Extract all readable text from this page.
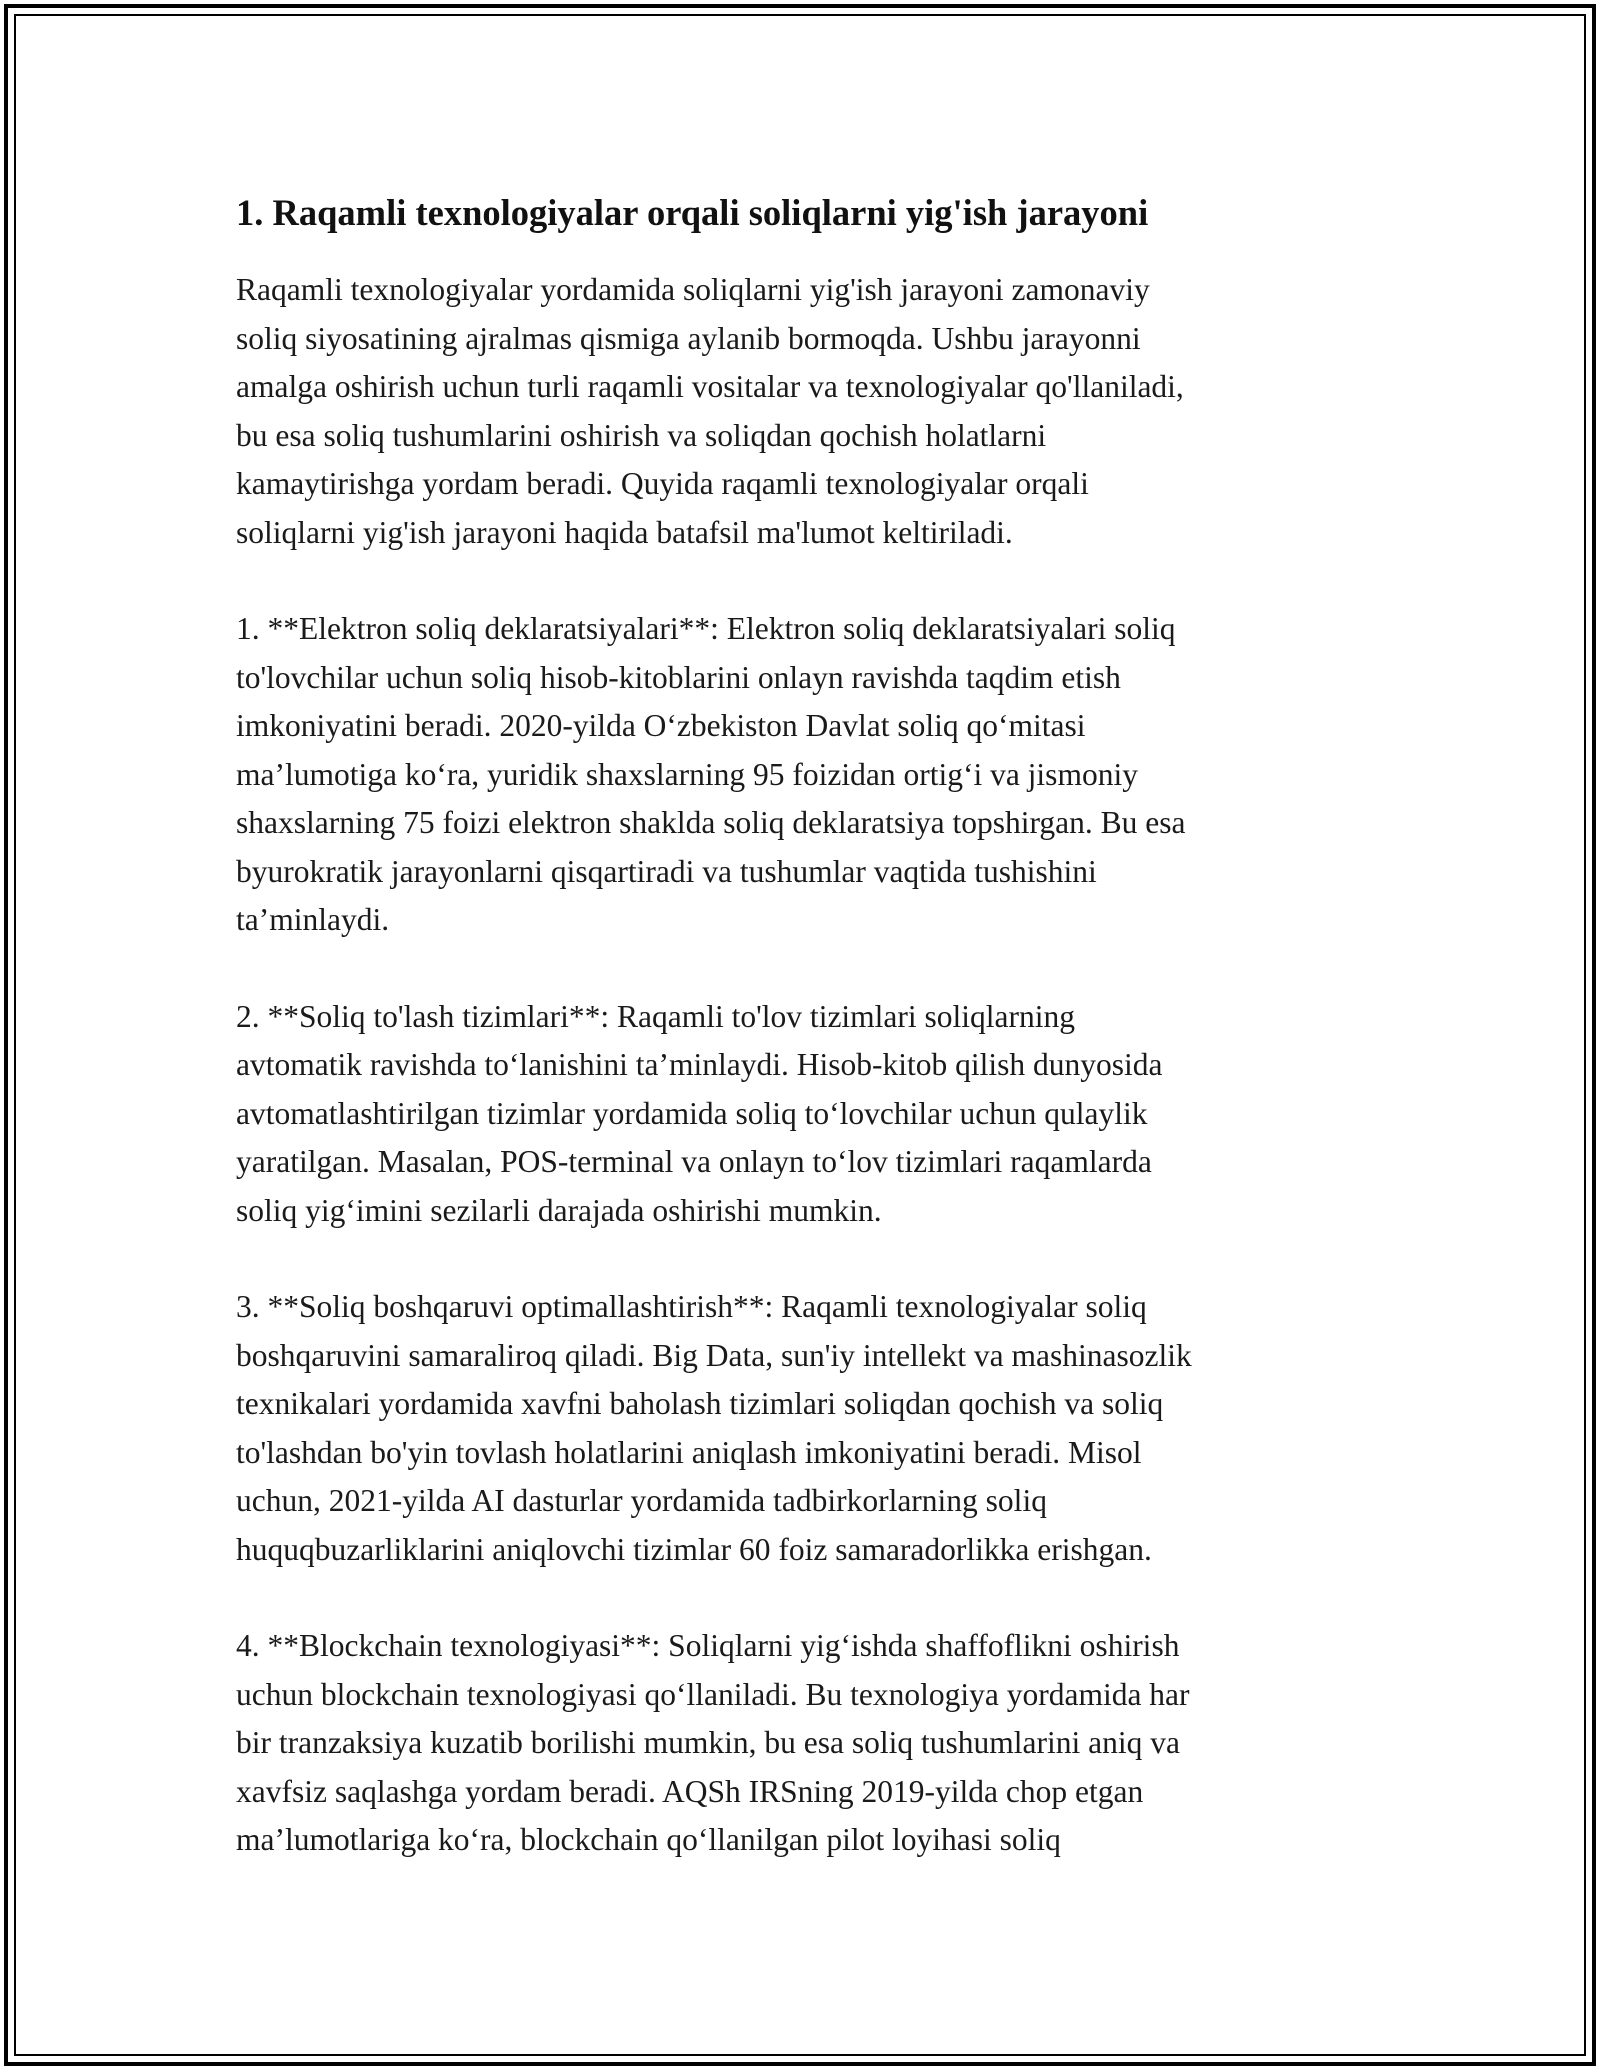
1. Raqamli texnologiyalar orqali soliqlarni yig'ish jarayoni

Raqamli texnologiyalar yordamida soliqlarni yig'ish jarayoni zamonaviy
soliq siyosatining ajralmas qismiga aylanib bormoqda. Ushbu jarayonni
amalga oshirish uchun turli raqamli vositalar va texnologiyalar qo'llaniladi,
bu esa soliq tushumlarini oshirish va soliqdan qochish holatlarni
kamaytirishga yordam beradi. Quyida raqamli texnologiyalar orqali
soliqlarni yig'ish jarayoni haqida batafsil ma'lumot keltiriladi.

1. **Elektron soliq deklaratsiyalari**: Elektron soliq deklaratsiyalari soliq
to'lovchilar uchun soliq hisob-kitoblarini onlayn ravishda taqdim etish
imkoniyatini beradi. 2020-yilda O‘zbekiston Davlat soliq qo‘mitasi
ma’lumotiga ko‘ra, yuridik shaxslarning 95 foizidan ortig‘i va jismoniy
shaxslarning 75 foizi elektron shaklda soliq deklaratsiya topshirgan. Bu esa
byurokratik jarayonlarni qisqartiradi va tushumlar vaqtida tushishini
ta’minlaydi.

2. **Soliq to'lash tizimlari**: Raqamli to'lov tizimlari soliqlarning
avtomatik ravishda to‘lanishini ta’minlaydi. Hisob-kitob qilish dunyosida
avtomatlashtirilgan tizimlar yordamida soliq to‘lovchilar uchun qulaylik
yaratilgan. Masalan, POS-terminal va onlayn to‘lov tizimlari raqamlarda
soliq yig‘imini sezilarli darajada oshirishi mumkin.

3. **Soliq boshqaruvi optimallashtirish**: Raqamli texnologiyalar soliq
boshqaruvini samaraliroq qiladi. Big Data, sun'iy intellekt va mashinasozlik
texnikalari yordamida xavfni baholash tizimlari soliqdan qochish va soliq
to'lashdan bo'yin tovlash holatlarini aniqlash imkoniyatini beradi. Misol
uchun, 2021-yilda AI dasturlar yordamida tadbirkorlarning soliq
huquqbuzarliklarini aniqlovchi tizimlar 60 foiz samaradorlikka erishgan.

4. **Blockchain texnologiyasi**: Soliqlarni yig‘ishda shaffoflikni oshirish
uchun blockchain texnologiyasi qo‘llaniladi. Bu texnologiya yordamida har
bir tranzaksiya kuzatib borilishi mumkin, bu esa soliq tushumlarini aniq va
xavfsiz saqlashga yordam beradi. AQSh IRSning 2019-yilda chop etgan
ma’lumotlariga ko‘ra, blockchain qo‘llanilgan pilot loyihasi soliq
